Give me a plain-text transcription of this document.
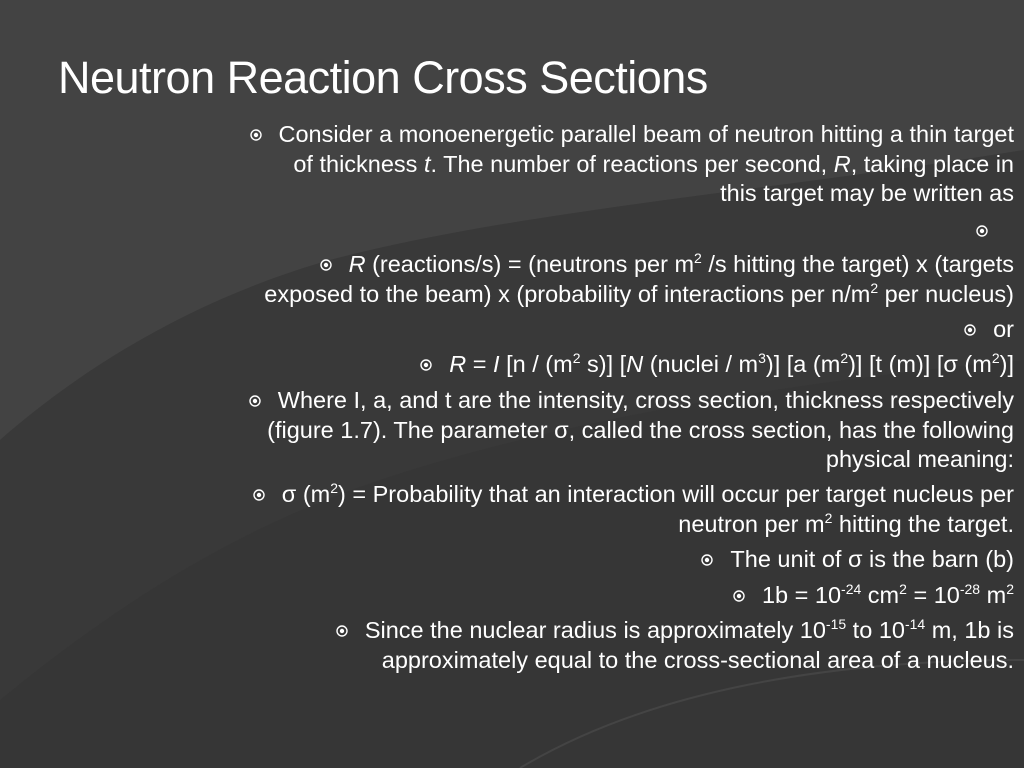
Neutron Reaction Cross Sections
Consider a monoenergetic parallel beam of neutron hitting a thin target
of thickness t. The number of reactions per second, R, taking place in
this target may be written as
R (reactions/s) = (neutrons per $m^2$ /s hitting the target) x (targets
exposed to the beam) x (probability of interactions per $n/m^2$ per nucleus)
or
R = I [$n / (m^2$ s)] [N (nuclei / $m^3$)] [a $(m^2)$] [t (m)] [σ $(m^2)$]
Where I, a, and t are the intensity, cross section, thickness respectively
(figure 1.7). The parameter σ, called the cross section, has the following
physical meaning:
σ $(m^2)$ = Probability that an interaction will occur per target nucleus per
neutron per $m^2$ hitting the target.
The unit of σ is the barn (b)
$1b = 10^{-24}$ $cm^2 = 10^{-28}$ $m^2$
Since the nuclear radius is approximately $10^{-15}$ to $10^{-14}$ m, 1b is
approximately equal to the cross-sectional area of a nucleus.
